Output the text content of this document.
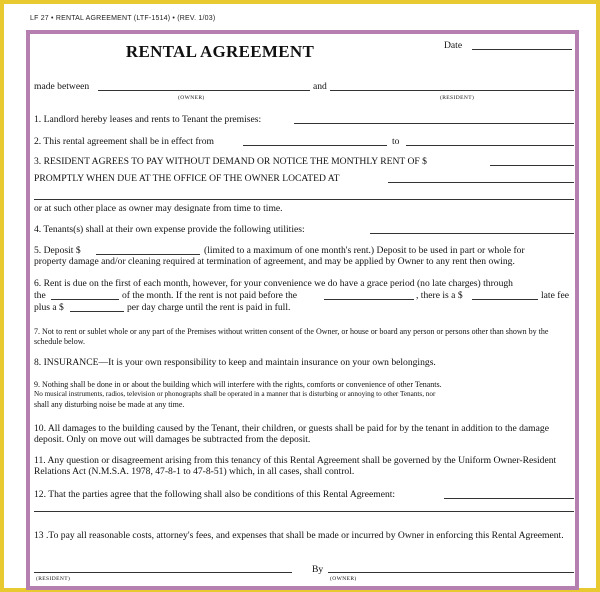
LF 27 • RENTAL AGREEMENT (LTF-1514) • (REV. 1/03)
RENTAL AGREEMENT	Date
made between	and
(OWNER)	(RESIDENT)
1. Landlord hereby leases and rents to Tenant the premises:
2. This rental agreement shall be in effect from	to
3. RESIDENT AGREES TO PAY WITHOUT DEMAND OR NOTICE THE MONTHLY RENT OF $
PROMPTLY WHEN DUE AT THE OFFICE OF THE OWNER LOCATED AT
or at such other place as owner may designate from time to time.
4. Tenants(s) shall at their own expense provide the following utilities:
5. Deposit $	(limited to a maximum of one month's rent.) Deposit to be used in part or whole for
property damage and/or cleaning required at termination of agreement, and may be applied by Owner to any rent then owing.
6. Rent is due on the first of each month, however, for your convenience we do have a grace period (no late charges) through
the	of the month. If the rent is not paid before the	, there is a $	late fee
plus a $	per day charge until the rent is paid in full.
7. Not to rent or sublet whole or any part of the Premises without written consent of the Owner, or house or board any person or persons other than shown by the schedule below.
8. INSURANCE—It is your own responsibility to keep and maintain insurance on your own belongings.
9. Nothing shall be done in or about the building which will interfere with the rights, comforts or convenience of other Tenants.
No musical instruments, radios, television or phonographs shall be operated in a manner that is disturbing or annoying to other Tenants, nor
shall any disturbing noise be made at any time.
10. All damages to the building caused by the Tenant, their children, or guests shall be paid for by the tenant in addition to the damage deposit. Only on move out will damages be subtracted from the deposit.
11. Any question or disagreement arising from this tenancy of this Rental Agreement shall be governed by the Uniform Owner-Resident Relations Act (N.M.S.A. 1978, 47-8-1 to 47-8-51) which, in all cases, shall control.
12. That the parties agree that the following shall also be conditions of this Rental Agreement:
13 .To pay all reasonable costs, attorney's fees, and expenses that shall be made or incurred by Owner in enforcing this Rental Agreement.
By
(RESIDENT)	(OWNER)
